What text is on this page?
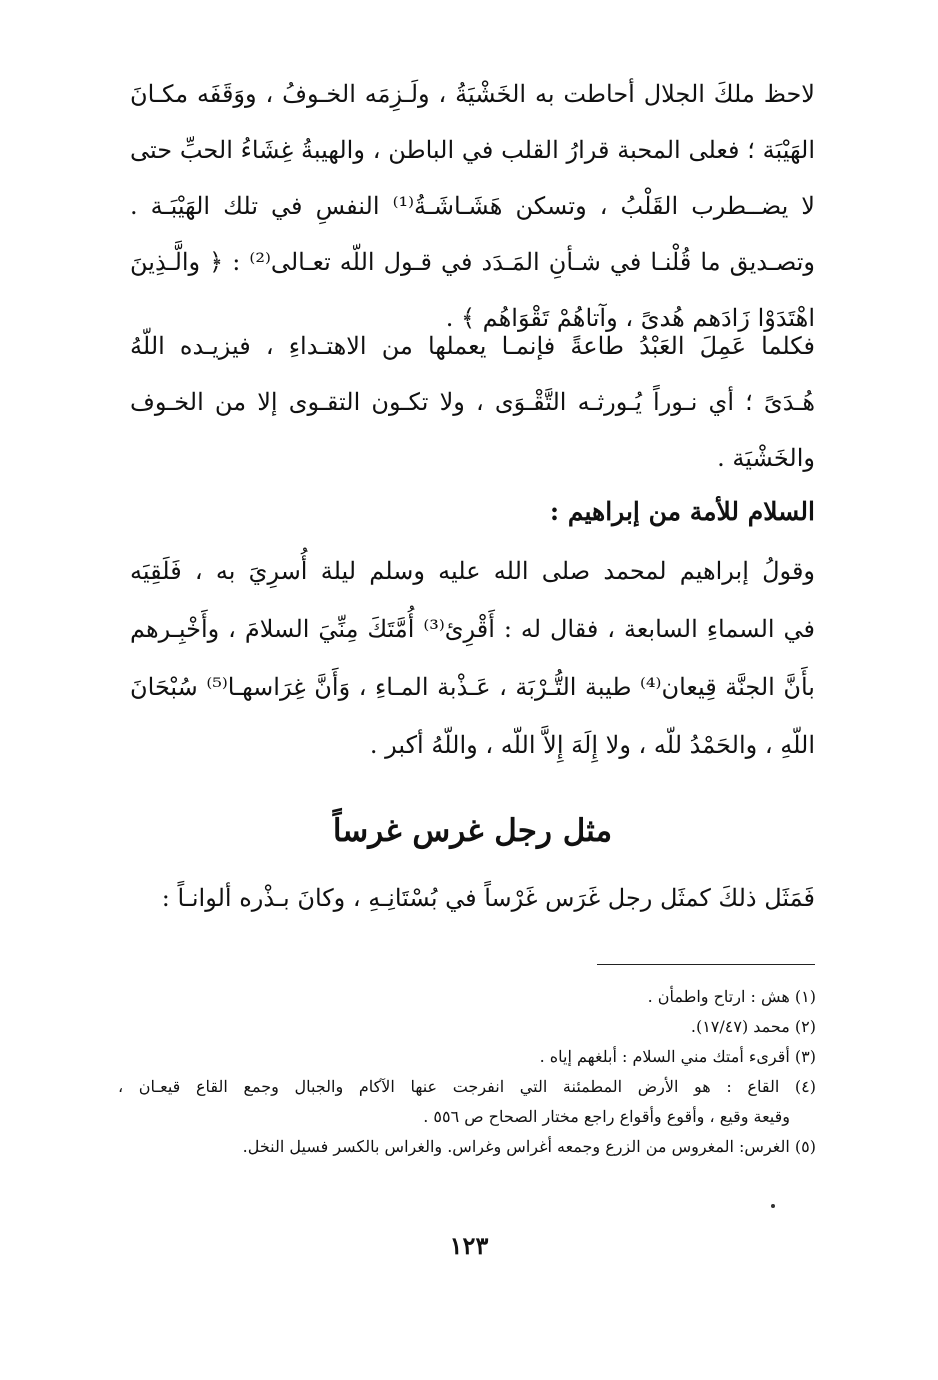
لاحظ ملكَ الجلال أحاطت به الخَشْيَةُ ، ولَـزِمَه الخـوفُ ، ووَقَفَه مكـانَ
الهَيْبَة ؛ فعلى المحبة قرارُ القلب في الباطن ، والهيبةُ غِشَاءُ الحبِّ حتى
لا يضــطرب القَلْبُ ، وتسكن هَشَـاشَـةُ⁽¹⁾ النفسِ في تلك الهَيْبَـة .
وتصـديق ما قُلْنـا في شـأنِ المَـدَد في قـول اللّه تعـالى⁽²⁾ : ﴿ والَّـذِينَ
اهْتَدَوْا زَادَهم هُدىً ، وآتاهُمْ تَقْوَاهُم ﴾ .
فكلما عَمِلَ العَبْدُ طاعةً فإنمـا يعملها من الاهتـداءِ ، فيزيـده اللّهُ
هُـدَىً ؛ أي نـوراً يُـورثـه التَّقْـوَى ، ولا تكـون التقـوى إلا من الخـوف
والخَشْيَة .
السلام للأمة من إبراهيم :
وقولُ إبراهيم لمحمد صلى الله عليه وسلم ليلة أُسرِيَ به ، فَلَقِيَه
في السماءِ السابعة ، فقال له : أَقْرِئ⁽³⁾ أُمَّتَكَ مِنِّيَ السلامَ ، وأَخْبِـرهم
بأَنَّ الجنَّة قِيعان⁽⁴⁾ طيبة التُّـرْبَة ، عَـذْبة المـاءِ ، وَأَنَّ غِرَاسهـا⁽⁵⁾ سُبْحَانَ
اللّهِ ، والحَمْدُ للّه ، ولا إِلَهَ إِلاَّ اللّه ، واللّهُ أكبر .
مثل رجل غرس غرساً
فَمَثَل ذلكَ كمثَل رجل غَرَس غَرْساً في بُسْتَانِـهِ ، وكانَ بـذْره ألوانـاً :
(١) هش : ارتاح واطمأن .
(٢) محمد (١٧/٤٧).
(٣) أقرىء أمتك مني السلام : أبلغهم إياه .
(٤) القاع : هو الأرض المطمئنة التي انفرجت عنها الآكام والجبال وجمع القاع قيعـان ،
وقيعة وقيع ، وأقوع وأقواع راجع مختار الصحاح ص ٥٥٦ .
(٥) الغرس: المغروس من الزرع وجمعه أغراس وغراس. والغراس بالكسر فسيل النخل.
١٢٣
